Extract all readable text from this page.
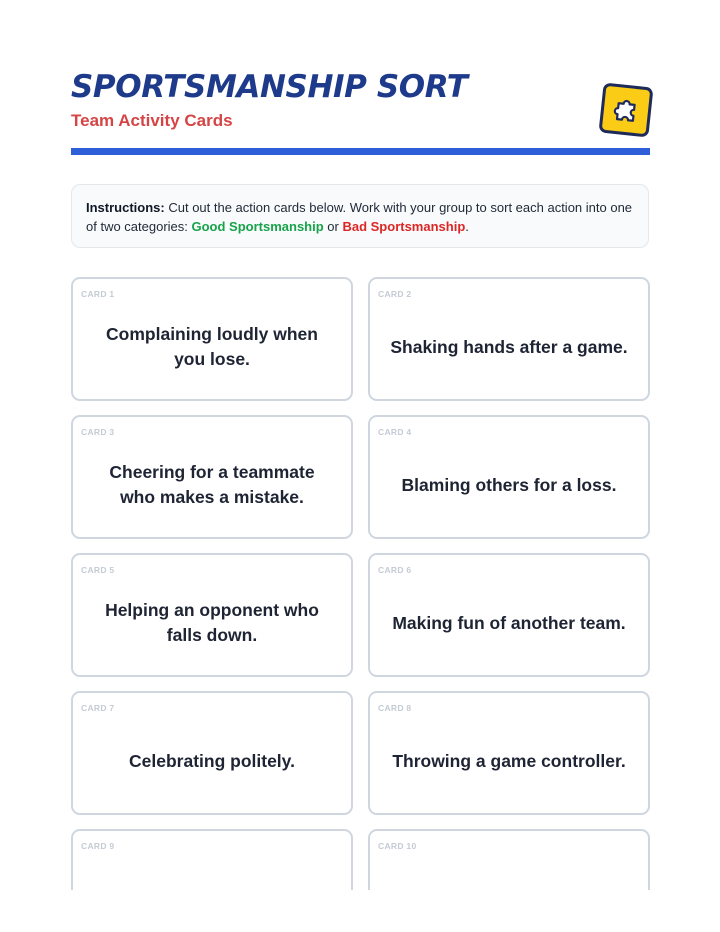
SPORTSMANSHIP SORT
Team Activity Cards
Instructions: Cut out the action cards below. Work with your group to sort each action into one of two categories: Good Sportsmanship or Bad Sportsmanship.
CARD 1
Complaining loudly when you lose.
CARD 2
Shaking hands after a game.
CARD 3
Cheering for a teammate who makes a mistake.
CARD 4
Blaming others for a loss.
CARD 5
Helping an opponent who falls down.
CARD 6
Making fun of another team.
CARD 7
Celebrating politely.
CARD 8
Throwing a game controller.
CARD 9	CARD 10
